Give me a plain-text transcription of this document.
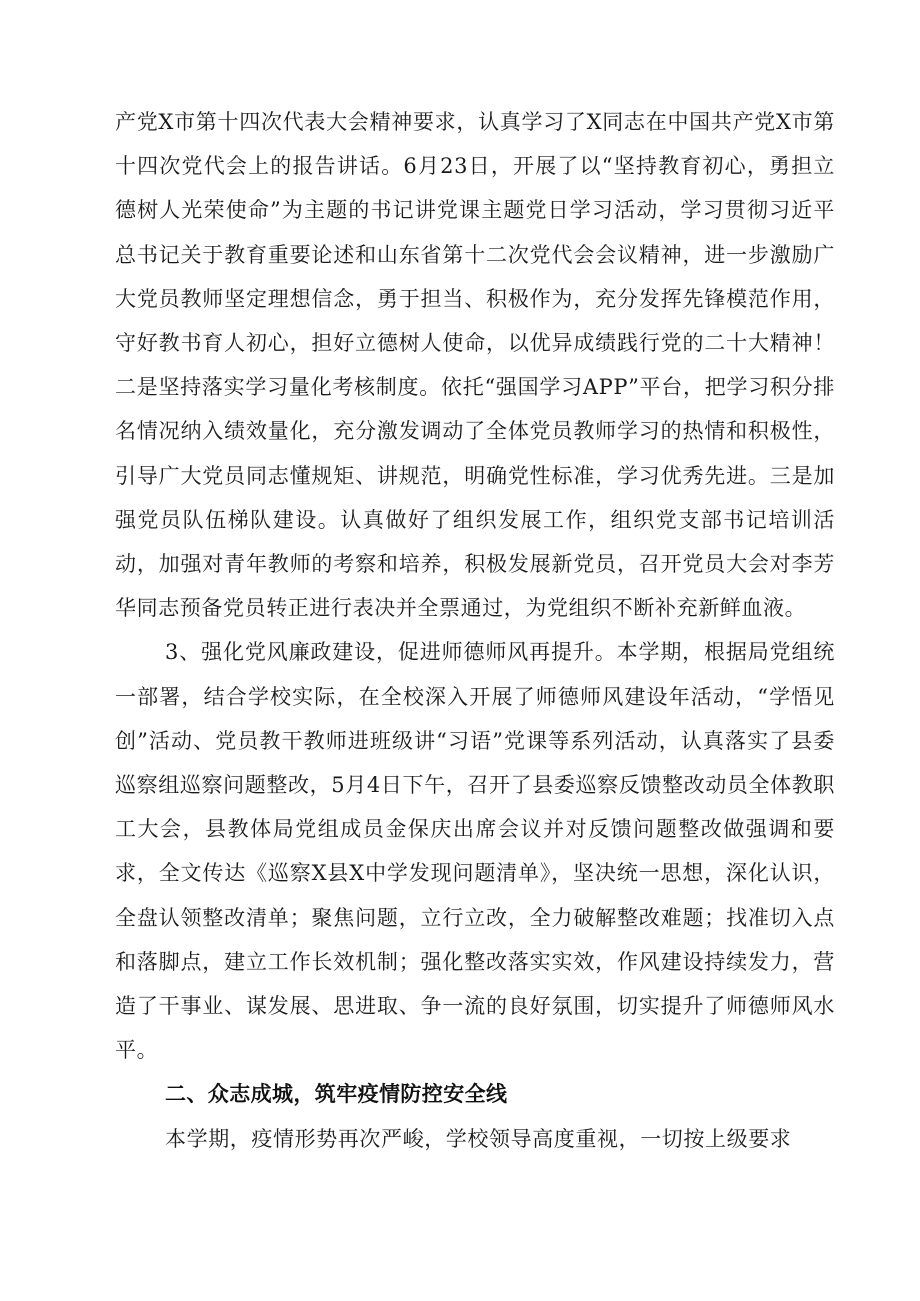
产党X市第十四次代表大会精神要求，认真学习了X同志在中国共产党X市第十四次党代会上的报告讲话。6月23日，开展了以“坚持教育初心，勇担立德树人光荣使命”为主题的书记讲党课主题党日学习活动，学习贯彻习近平总书记关于教育重要论述和山东省第十二次党代会会议精神，进一步激励广大党员教师坚定理想信念，勇于担当、积极作为，充分发挥先锋模范作用，守好教书育人初心，担好立德树人使命，以优异成绩践行党的二十大精神！二是坚持落实学习量化考核制度。依托“强国学习APP”平台，把学习积分排名情况纳入绩效量化，充分激发调动了全体党员教师学习的热情和积极性，引导广大党员同志懂规矩、讲规范，明确党性标准，学习优秀先进。三是加强党员队伍梯队建设。认真做好了组织发展工作，组织党支部书记培训活动，加强对青年教师的考察和培养，积极发展新党员，召开党员大会对李芳华同志预备党员转正进行表决并全票通过，为党组织不断补充新鲜血液。

3、强化党风廉政建设，促进师德师风再提升。本学期，根据局党组统一部署，结合学校实际，在全校深入开展了师德师风建设年活动，“学悟见创”活动、党员教干教师进班级讲“习语”党课等系列活动，认真落实了县委巡察组巡察问题整改，5月4日下午，召开了县委巡察反馈整改动员全体教职工大会，县教体局党组成员金保庆出席会议并对反馈问题整改做强调和要求，全文传达《巡察X县X中学发现问题清单》，坚决统一思想，深化认识，全盘认领整改清单；聚焦问题，立行立改，全力破解整改难题；找准切入点和落脚点，建立工作长效机制；强化整改落实实效，作风建设持续发力，营造了干事业、谋发展、思进取、争一流的良好氛围，切实提升了师德师风水平。

二、众志成城，筑牢疫情防控安全线

本学期，疫情形势再次严峻，学校领导高度重视，一切按上级要求
